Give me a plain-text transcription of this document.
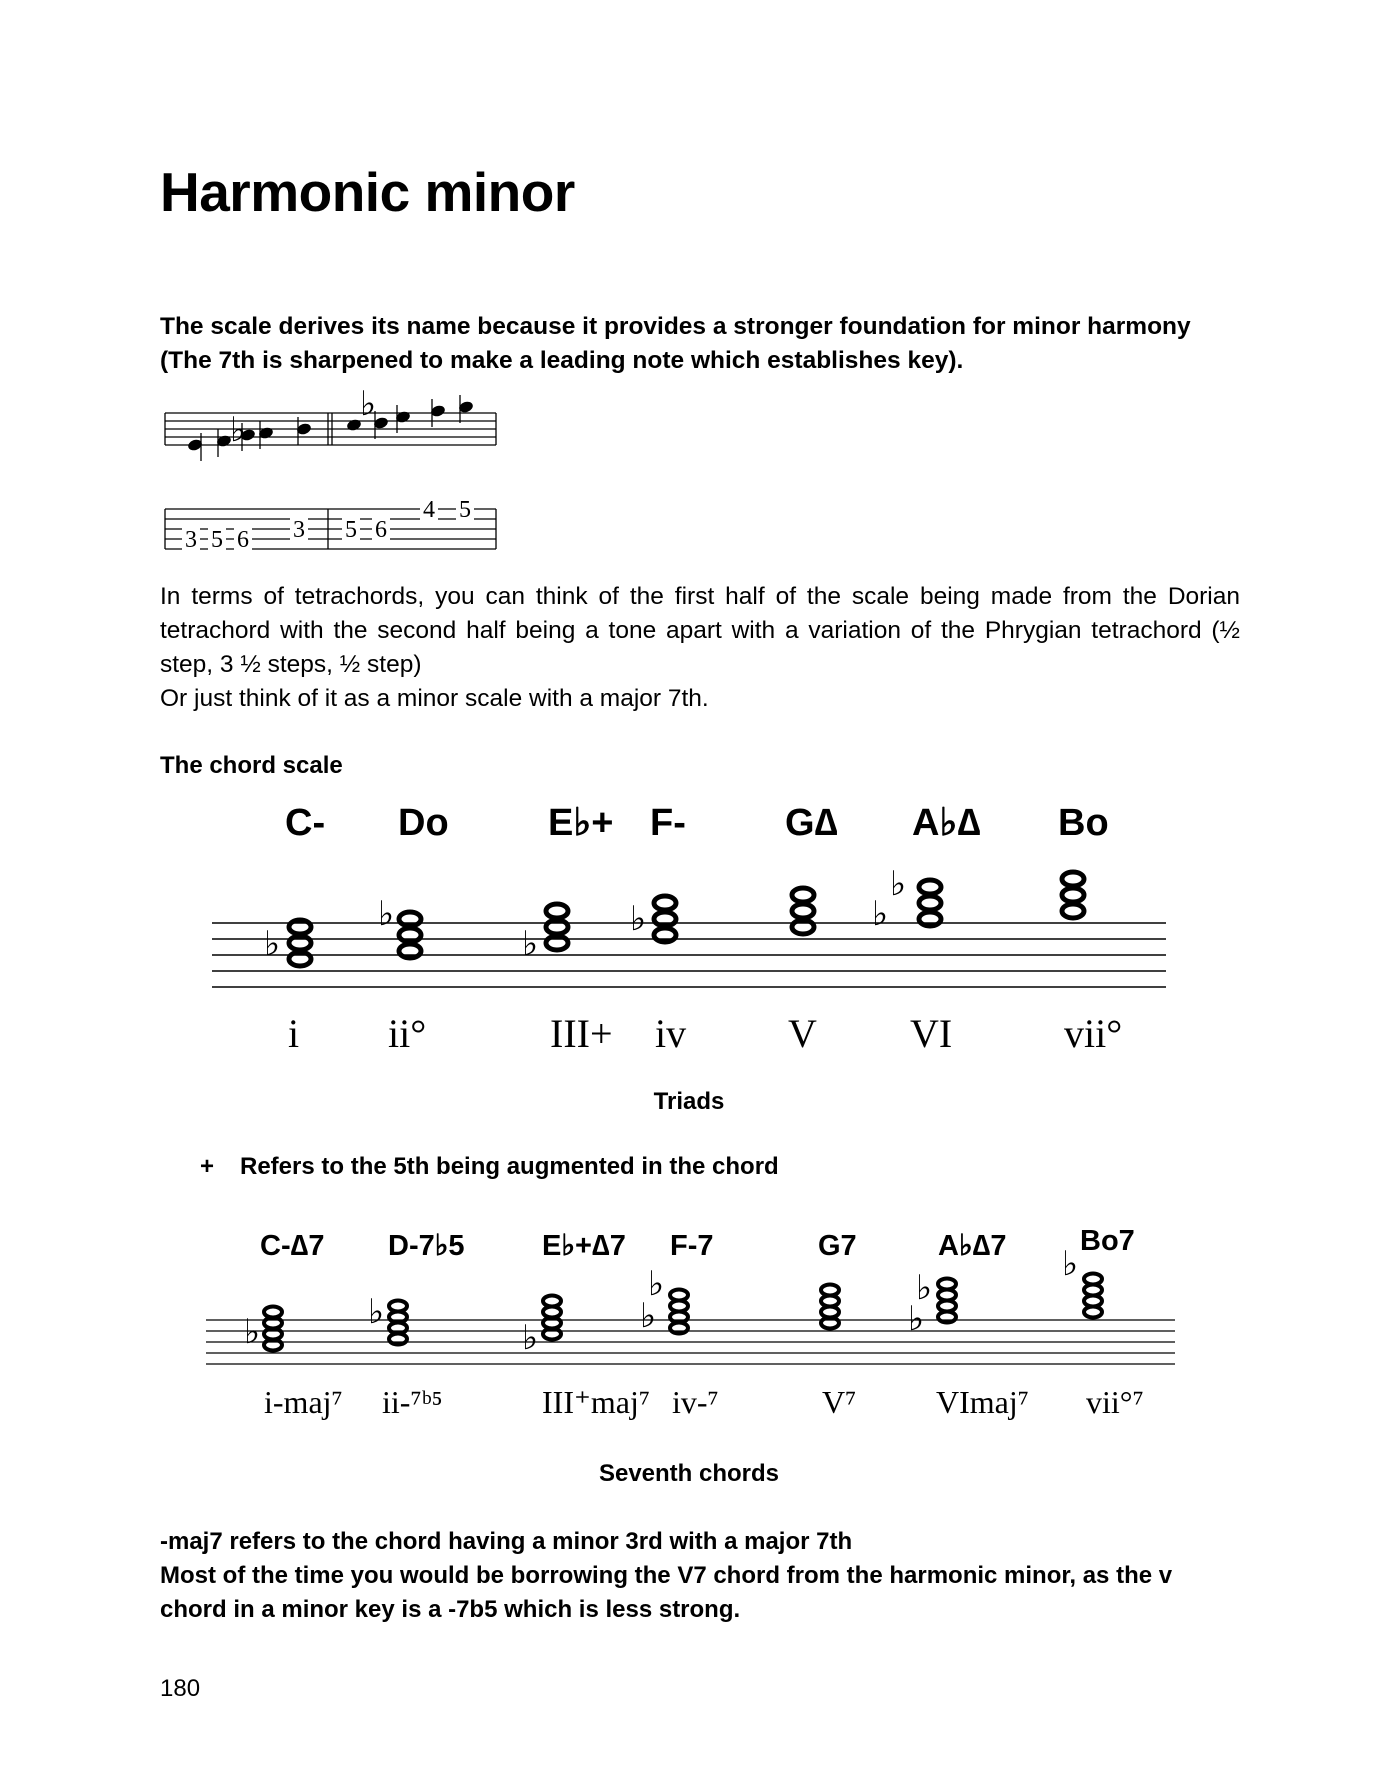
Harmonic minor
The scale derives its name because it provides a stronger foundation for minor harmony (The 7th is sharpened to make a leading note which establishes key).
♭
♭
3 5 6 3 5 6
4 5

In terms of tetrachords, you can think of the first half of the scale being made from the Dorian tetrachord with the second half being a tone apart with a variation of the Phrygian tetrachord (½ step, 3 ½ steps, ½ step)

Or just think of it as a minor scale with a major 7th.

The chord scale
C- Do	E♭+ F-	G∆ A♭∆ Bo
♭
♭
♭
♭
♭
♭
i ii°	III+ iv	V VI	vii°
Triads
+ Refers to the 5th being augmented in the chord
C-∆7 D-7♭5	E♭+∆7 F-7	G7	A♭∆7	Bo7
♭	♭
♭
♭
♭
♭
♭
♭
i-maj⁷ ii-⁷ᵇ⁵	III⁺maj⁷ iv-⁷	V⁷ VImaj⁷ vii°⁷
Seventh chords

-maj7 refers to the chord having a minor 3rd with a major 7th

Most of the time you would be borrowing the V7 chord from the harmonic minor, as the v chord in a minor key is a -7b5 which is less strong.

180
